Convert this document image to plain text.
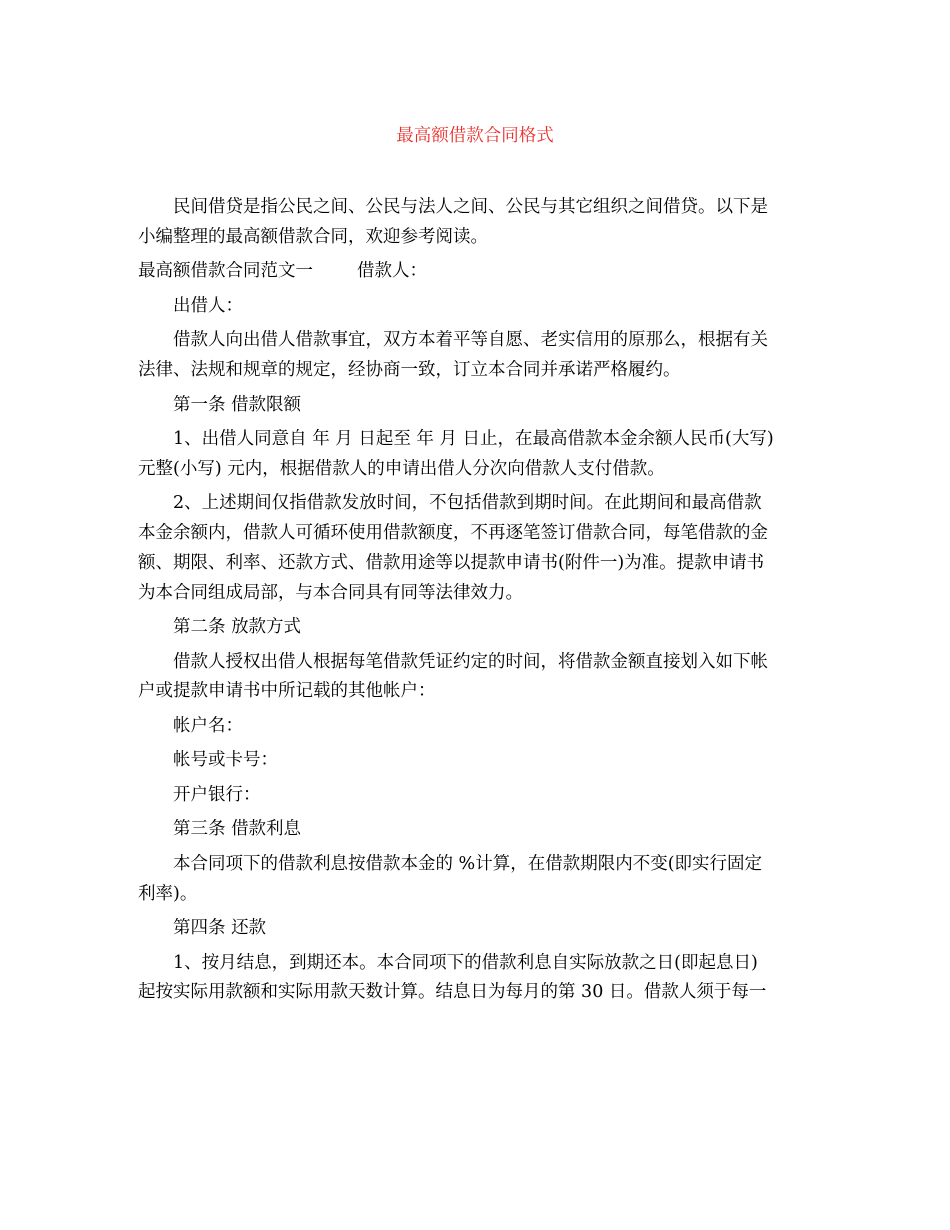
最高额借款合同格式

民间借贷是指公民之间、公民与法人之间、公民与其它组织之间借贷。以下是
小编整理的最高额借款合同，欢迎参考阅读。

最高额借款合同范文一	借款人：

出借人：

借款人向出借人借款事宜，双方本着平等自愿、老实信用的原那么，根据有关
法律、法规和规章的规定，经协商一致，订立本合同并承诺严格履约。

第一条 借款限额

1、出借人同意自 年 月 日起至 年 月 日止，在最高借款本金余额人民币(大写)
元整(小写) 元内，根据借款人的申请出借人分次向借款人支付借款。

2、上述期间仅指借款发放时间，不包括借款到期时间。在此期间和最高借款
本金余额内，借款人可循环使用借款额度，不再逐笔签订借款合同，每笔借款的金
额、期限、利率、还款方式、借款用途等以提款申请书(附件一)为准。提款申请书
为本合同组成局部，与本合同具有同等法律效力。

第二条 放款方式

借款人授权出借人根据每笔借款凭证约定的时间，将借款金额直接划入如下帐
户或提款申请书中所记载的其他帐户：

帐户名：

帐号或卡号：

开户银行：

第三条 借款利息

本合同项下的借款利息按借款本金的 %计算，在借款期限内不变(即实行固定
利率)。

第四条 还款

1、按月结息，到期还本。本合同项下的借款利息自实际放款之日(即起息日)
起按实际用款额和实际用款天数计算。结息日为每月的第 30 日。借款人须于每一
